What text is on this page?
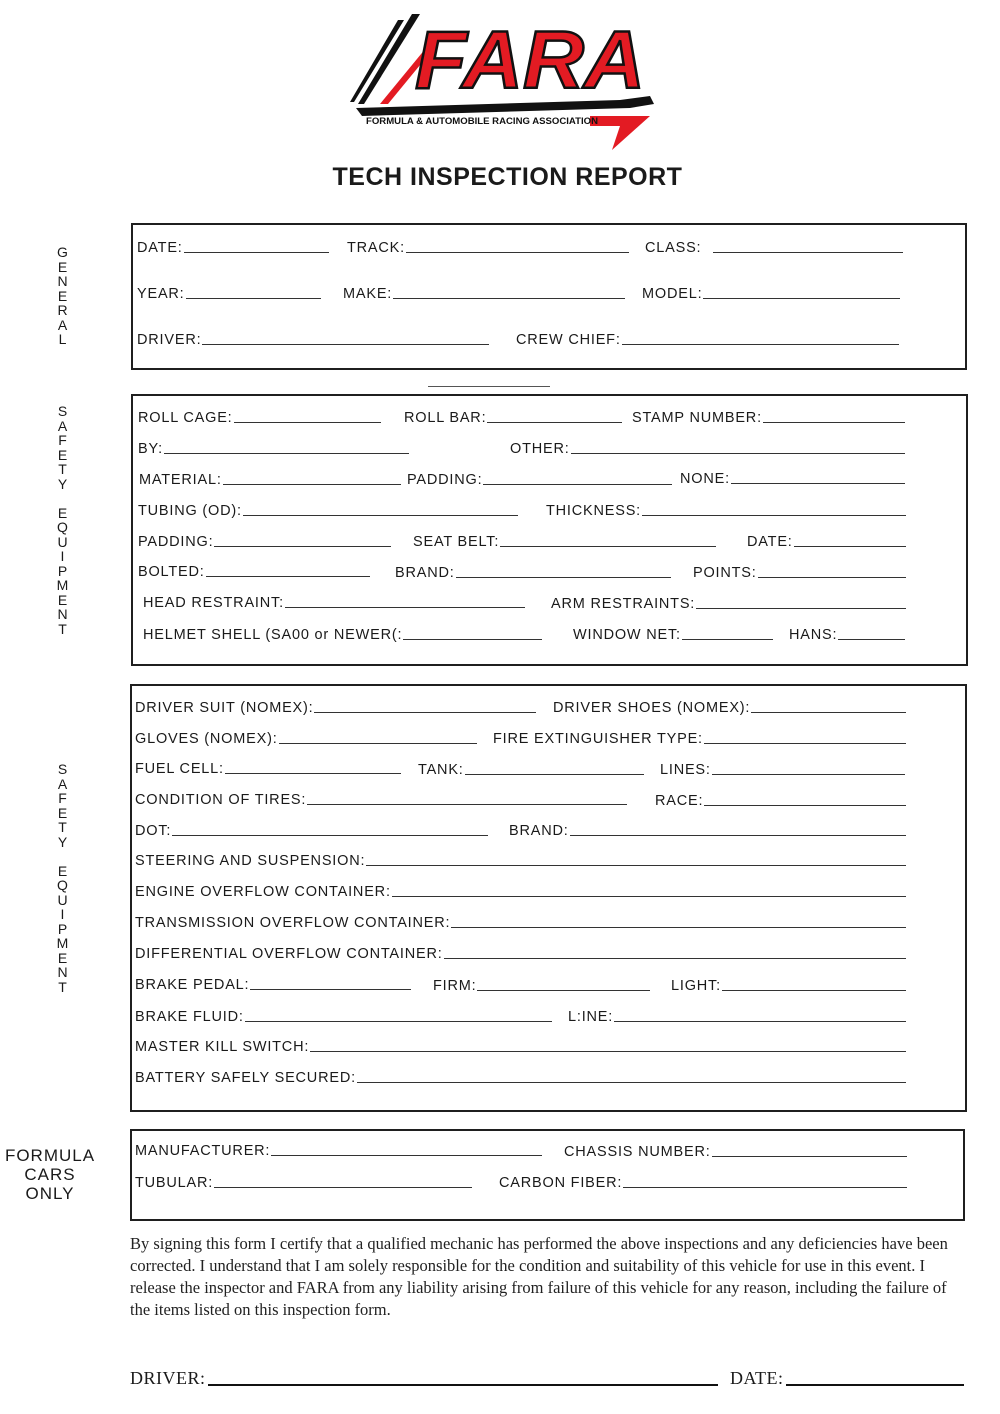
FARA
FORMULA & AUTOMOBILE RACING ASSOCIATION
TECH INSPECTION REPORT
G
E
N
E
R
A
L
DATE:	TRACK:	CLASS:
YEAR:	MAKE:	MODEL:
DRIVER:	CREW CHIEF:
S
A
F
E
T
Y
E
Q
U
I
P
M
E
N
T
ROLL CAGE:	ROLL BAR:	STAMP NUMBER:
BY:	OTHER:
MATERIAL:	PADDING:	NONE:
TUBING (OD):	THICKNESS:
PADDING:	SEAT BELT:	DATE:
BOLTED:	BRAND:	POINTS:
HEAD RESTRAINT:	ARM RESTRAINTS:
HELMET SHELL (SA00 or NEWER(:	WINDOW NET:	HANS:
S
A
F
E
T
Y
E
Q
U
I
P
M
E
N
T
DRIVER SUIT (NOMEX):	DRIVER SHOES (NOMEX):
GLOVES (NOMEX):	FIRE EXTINGUISHER TYPE:
FUEL CELL:	TANK:	LINES:
CONDITION OF TIRES:	RACE:
DOT:	BRAND:
STEERING AND SUSPENSION:
ENGINE OVERFLOW CONTAINER:
TRANSMISSION OVERFLOW CONTAINER:
DIFFERENTIAL OVERFLOW CONTAINER:
BRAKE PEDAL:	FIRM:	LIGHT:
BRAKE FLUID:	L:INE:
MASTER KILL SWITCH:
BATTERY SAFELY SECURED:
FORMULA
CARS
ONLY
MANUFACTURER:	CHASSIS NUMBER:
TUBULAR:	CARBON FIBER:
By signing this form I certify that a qualified mechanic has performed the above inspections and any deficiencies have been corrected. I understand that I am solely responsible for the condition and suitability of this vehicle for use in this event. I release the inspector and FARA from any liability arising from failure of this vehicle for any reason, including the failure of the items listed on this inspection form.
DRIVER:	DATE:
